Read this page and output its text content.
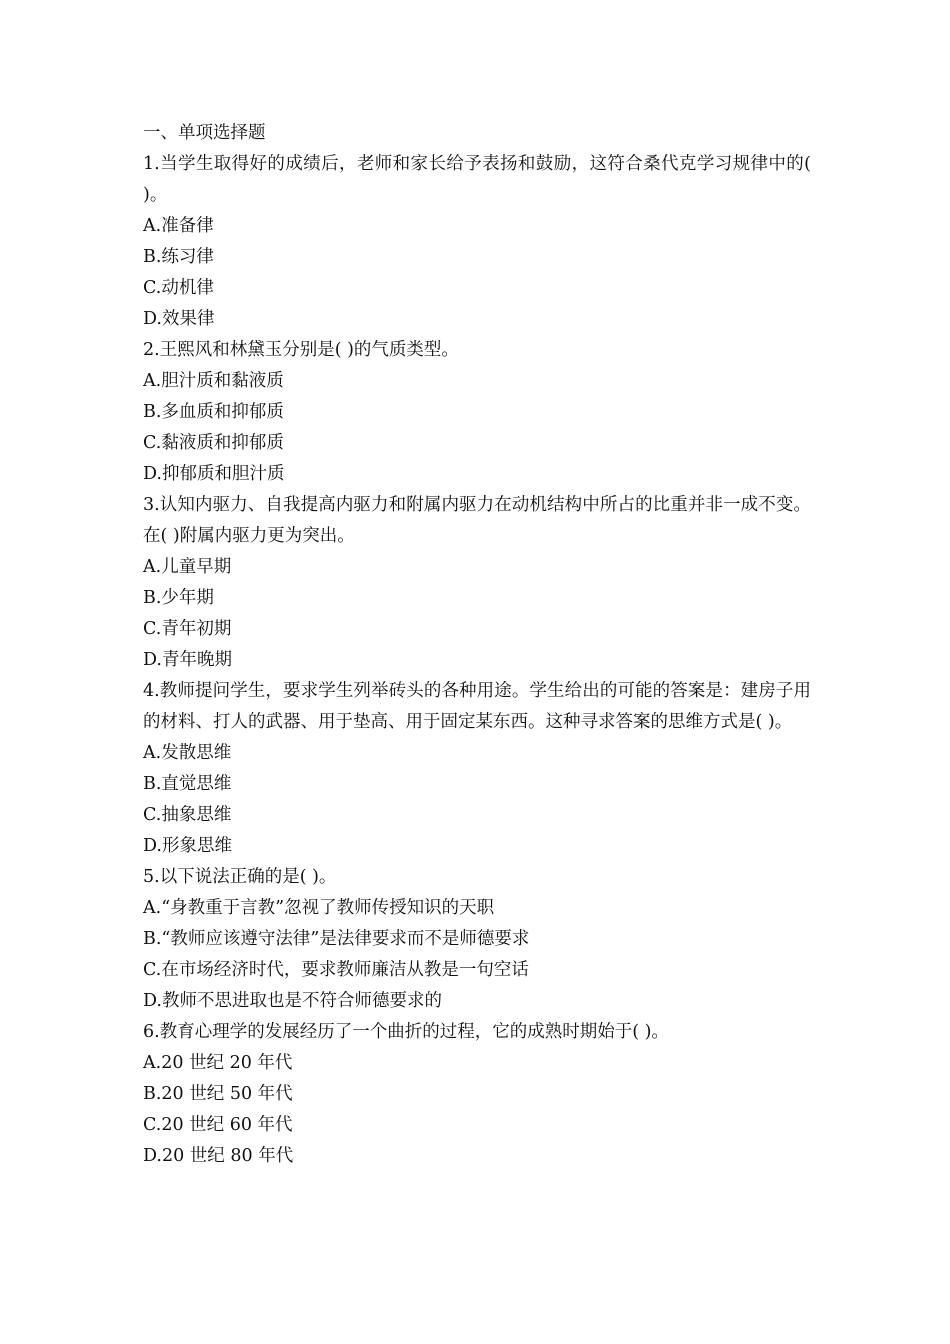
一、单项选择题
1.当学生取得好的成绩后，老师和家长给予表扬和鼓励，这符合桑代克学习规律中的( )。
A.准备律
B.练习律
C.动机律
D.效果律
2.王熙风和林黛玉分别是( )的气质类型。
A.胆汁质和黏液质
B.多血质和抑郁质
C.黏液质和抑郁质
D.抑郁质和胆汁质
3.认知内驱力、自我提高内驱力和附属内驱力在动机结构中所占的比重并非一成不变。在( )附属内驱力更为突出。
A.儿童早期
B.少年期
C.青年初期
D.青年晚期
4.教师提问学生，要求学生列举砖头的各种用途。学生给出的可能的答案是：建房子用的材料、打人的武器、用于垫高、用于固定某东西。这种寻求答案的思维方式是( )。
A.发散思维
B.直觉思维
C.抽象思维
D.形象思维
5.以下说法正确的是( )。
A.“身教重于言教”忽视了教师传授知识的天职
B.“教师应该遵守法律”是法律要求而不是师德要求
C.在市场经济时代，要求教师廉洁从教是一句空话
D.教师不思进取也是不符合师德要求的
6.教育心理学的发展经历了一个曲折的过程，它的成熟时期始于( )。
A.20 世纪 20 年代
B.20 世纪 50 年代
C.20 世纪 60 年代
D.20 世纪 80 年代
